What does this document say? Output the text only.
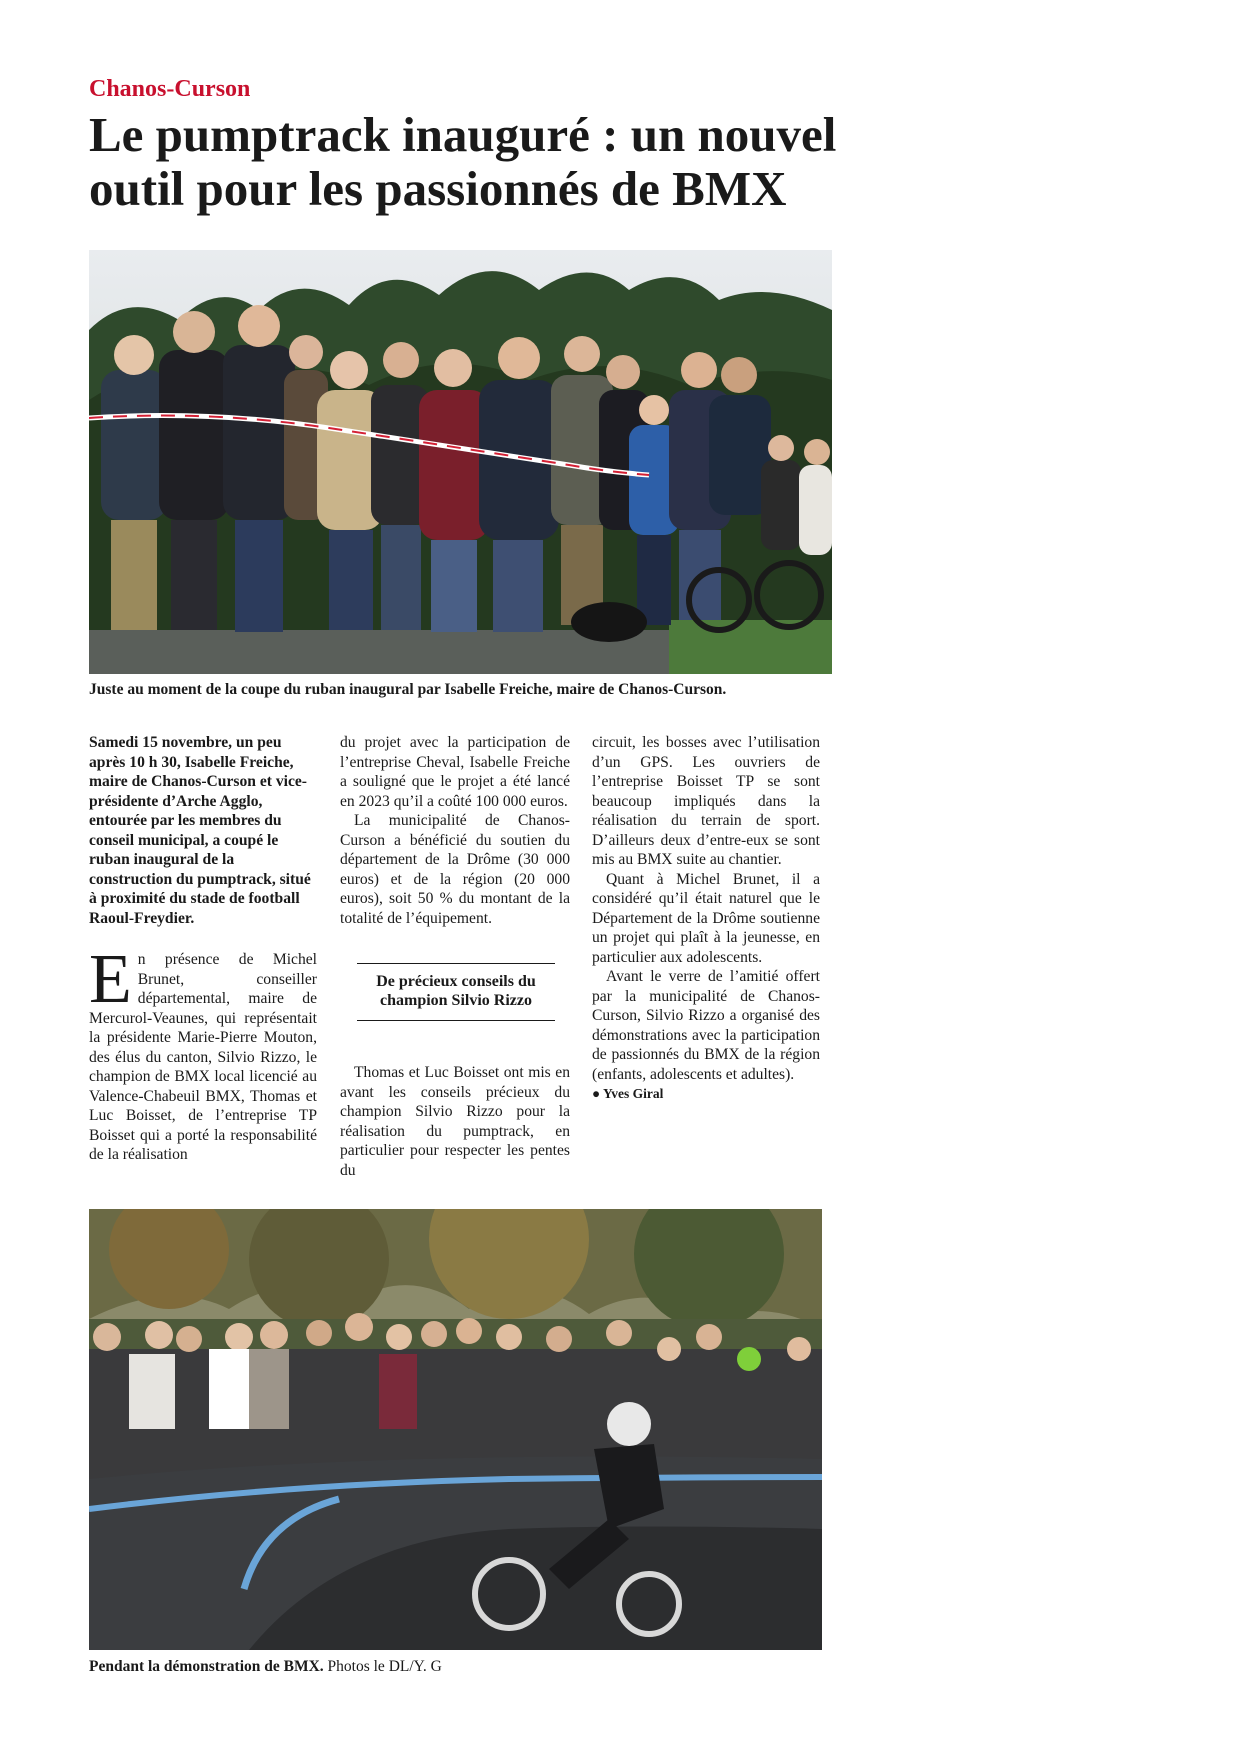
Chanos-Curson
Le pumptrack inauguré : un nouvel outil pour les passionnés de BMX
Juste au moment de la coupe du ruban inaugural par Isabelle Freiche, maire de Chanos-Curson.

Samedi 15 novembre, un peu après 10 h 30, Isabelle Freiche, maire de Chanos-Curson et vice-présidente d’Arche Agglo, entourée par les membres du conseil municipal, a coupé le ruban inaugural de la construction du pumptrack, situé à proximité du stade de football Raoul-Freydier.

En présence de Michel Brunet, conseiller départemental, maire de Mercurol-Veaunes, qui représentait la présidente Marie-Pierre Mouton, des élus du canton, Silvio Rizzo, le champion de BMX local licencié au Valence-Chabeuil BMX, Thomas et Luc Boisset, de l’entreprise TP Boisset qui a porté la responsabilité de la réalisation

du projet avec la participation de l’entreprise Cheval, Isabelle Freiche a souligné que le projet a été lancé en 2023 qu’il a coûté 100 000 euros.

La municipalité de Chanos-Curson a bénéficié du soutien du département de la Drôme (30 000 euros) et de la région (20 000 euros), soit 50 % du montant de la totalité de l’équipement.

De précieux conseils du champion Silvio Rizzo

Thomas et Luc Boisset ont mis en avant les conseils précieux du champion Silvio Rizzo pour la réalisation du pumptrack, en particulier pour respecter les pentes du

circuit, les bosses avec l’utilisation d’un GPS. Les ouvriers de l’entreprise Boisset TP se sont beaucoup impliqués dans la réalisation du terrain de sport. D’ailleurs deux d’entre-eux se sont mis au BMX suite au chantier.

Quant à Michel Brunet, il a considéré qu’il était naturel que le Département de la Drôme soutienne un projet qui plaît à la jeunesse, en particulier aux adolescents.

Avant le verre de l’amitié offert par la municipalité de Chanos-Curson, Silvio Rizzo a organisé des démonstrations avec la participation de passionnés du BMX de la région (enfants, adolescents et adultes).

● Yves Giral

Pendant la démonstration de BMX. Photos le DL/Y. G
